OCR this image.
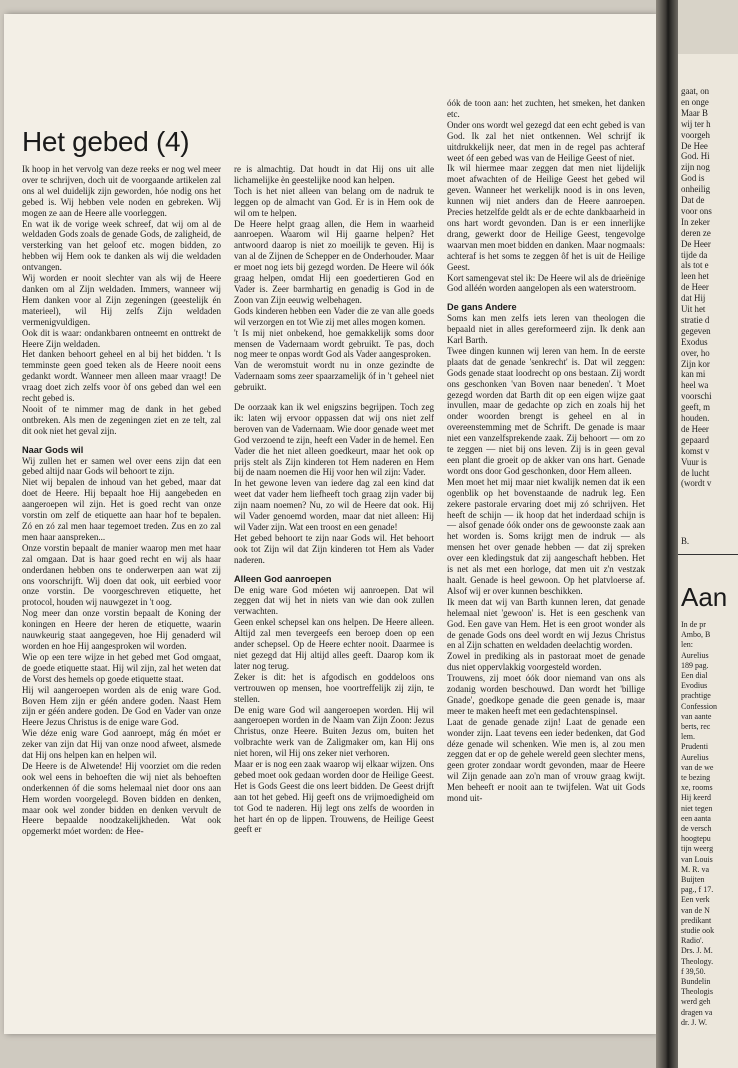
Het gebed (4)

Ik hoop in het vervolg van deze reeks er nog wel meer over te schrijven, doch uit de voorgaande artikelen zal ons al wel duidelijk zijn geworden, hóe nodig ons het gebed is. Wij hebben vele noden en gebreken. Wij mogen ze aan de Heere alle voorleggen.

En wat ik de vorige week schreef, dat wij om al de weldaden Gods zoals de genade Gods, de zaligheid, de versterking van het geloof etc. mogen bidden, zo hebben wij Hem ook te danken als wij die weldaden ontvangen.

Wij worden er nooit slechter van als wij de Heere danken om al Zijn weldaden. Immers, wanneer wij Hem danken voor al Zijn zegeningen (geestelijk én materieel), wil Hij zelfs Zijn weldaden vermenigvuldigen.

Ook dit is waar: ondankbaren ontneemt en onttrekt de Heere Zijn weldaden.

Het danken behoort geheel en al bij het bidden. 't Is temminste geen goed teken als de Heere nooit eens gedankt wordt. Wanneer men alleen maar vraagt! De vraag doet zich zelfs voor òf ons gebed dan wel een recht gebed is.

Nooit of te nimmer mag de dank in het gebed ontbreken. Als men de zegeningen ziet en ze telt, zal dit ook niet het geval zijn.

Naar Gods wil

Wij zullen het er samen wel over eens zijn dat een gebed altijd naar Gods wil behoort te zijn.

Niet wij bepalen de inhoud van het gebed, maar dat doet de Heere. Hij bepaalt hoe Hij aangebeden en aangeroepen wil zijn. Het is goed recht van onze vorstin om zelf de etiquette aan haar hof te bepalen. Zó en zó zal men haar tegemoet treden. Zus en zo zal men haar aanspreken...

Onze vorstin bepaalt de manier waarop men met haar zal omgaan. Dat is haar goed recht en wij als haar onderdanen hebben ons te onderwerpen aan wat zij ons voorschrijft. Wij doen dat ook, uit eerbied voor onze vorstin. De voorgeschreven etiquette, het protocol, houden wij nauwgezet in 't oog.

Nog meer dan onze vorstin bepaalt de Koning der koningen en Heere der heren de etiquette, waarin nauwkeurig staat aangegeven, hoe Hij genaderd wil worden en hoe Hij aangesproken wil worden.

Wie op een tere wijze in het gebed met God omgaat, de goede etiquette staat. Hij wil zijn, zal het weten dat de Vorst des hemels op goede etiquette staat.

Hij wil aangeroepen worden als de enig ware God. Boven Hem zijn er géén andere goden. Naast Hem zijn er géén andere goden. De God en Vader van onze Heere Jezus Christus is de enige ware God.

Wie déze enig ware God aanroept, mág én móet er zeker van zijn dat Hij van onze nood afweet, alsmede dat Hij ons helpen kan en helpen wil.

De Heere is de Alwetende! Hij voorziet om die reden ook wel eens in behoeften die wij niet als behoeften onderkennen óf die soms helemaal niet door ons aan Hem worden voorgelegd. Boven bidden en denken, maar ook wel zonder bidden en denken vervult de Heere bepaalde noodzakelijkheden. Wat ook opgemerkt móet worden: de Hee-

re is almachtig. Dat houdt in dat Hij ons uit alle lichamelijke èn geestelijke nood kan helpen.

Toch is het niet alleen van belang om de nadruk te leggen op de almacht van God. Er is in Hem ook de wil om te helpen.

De Heere helpt graag allen, die Hem in waarheid aanroepen. Waarom wil Hij gaarne helpen? Het antwoord daarop is niet zo moeilijk te geven. Hij is van al de Zijnen de Schepper en de Onderhouder. Maar er moet nog iets bij gezegd worden. De Heere wil óók graag helpen, omdat Hij een goedertieren God en Vader is. Zeer barmhartig en genadig is God in de Zoon van Zijn eeuwig welbehagen.

Gods kinderen hebben een Vader die ze van alle goeds wil verzorgen en tot Wie zij met alles mogen komen.

't Is mij niet onbekend, hoe gemakkelijk soms door mensen de Vadernaam wordt gebruikt. Te pas, doch nog meer te onpas wordt God als Vader aangesproken.

Van de weromstuit wordt nu in onze gezindte de Vadernaam soms zeer spaarzamelijk óf in 't geheel niet gebruikt.

De oorzaak kan ik wel enigszins begrijpen. Toch zeg ik: laten wij ervoor oppassen dat wij ons niet zelf beroven van de Vadernaam. Wie door genade weet met God verzoend te zijn, heeft een Vader in de hemel. Een Vader die het niet alleen goedkeurt, maar het ook op prijs stelt als Zijn kinderen tot Hem naderen en Hem bij de naam noemen die Hij voor hen wil zijn: Vader.

In het gewone leven van iedere dag zal een kind dat weet dat vader hem liefheeft toch graag zijn vader bij zijn naam noemen? Nu, zo wil de Heere dat ook. Hij wil Vader genoemd worden, maar dat niet alleen: Hij wil Vader zijn. Wat een troost en een genade!

Het gebed behoort te zijn naar Gods wil. Het behoort ook tot Zijn wil dat Zijn kinderen tot Hem als Vader naderen.

Alleen God aanroepen

De enig ware God móeten wij aanroepen. Dat wil zeggen dat wij het in niets van wie dan ook zullen verwachten.

Geen enkel schepsel kan ons helpen. De Heere alleen. Altijd zal men tevergeefs een beroep doen op een ander schepsel. Op de Heere echter nooit. Daarmee is niet gezegd dat Hij altijd alles geeft. Daarop kom ik later nog terug.

Zeker is dit: het is afgodisch en goddeloos ons vertrouwen op mensen, hoe voortreffelijk zij zijn, te stellen.

De enig ware God wil aangeroepen worden. Hij wil aangeroepen worden in de Naam van Zijn Zoon: Jezus Christus, onze Heere. Buiten Jezus om, buiten het volbrachte werk van de Zaligmaker om, kan Hij ons niet horen, wil Hij ons zeker niet verhoren.

Maar er is nog een zaak waarop wij elkaar wijzen. Ons gebed moet ook gedaan worden door de Heilige Geest. Het is Gods Geest die ons leert bidden. De Geest drijft aan tot het gebed. Hij geeft ons de vrijmoedigheid om tot God te naderen. Hij legt ons zelfs de woorden in het hart én op de lippen. Trouwens, de Heilige Geest geeft er

óók de toon aan: het zuchten, het smeken, het danken etc.

Onder ons wordt wel gezegd dat een echt gebed is van God. Ik zal het niet ontkennen. Wel schrijf ik uitdrukkelijk neer, dat men in de regel pas achteraf weet óf een gebed was van de Heilige Geest of niet.

Ik wil hiermee maar zeggen dat men niet lijdelijk moet afwachten of de Heilige Geest het gebed wil geven. Wanneer het werkelijk nood is in ons leven, kunnen wij niet anders dan de Heere aanroepen. Precies hetzelfde geldt als er de echte dankbaarheid in ons hart wordt gevonden. Dan is er een innerlijke drang, gewerkt door de Heilige Geest, tengevolge waarvan men moet bidden en danken. Maar nogmaals: achteraf is het soms te zeggen ôf het is uit de Heilige Geest.

Kort samengevat stel ik: De Heere wil als de drieënige God alléén worden aangelopen als een waterstroom.

De gans Andere

Soms kan men zelfs iets leren van theologen die bepaald niet in alles gereformeerd zijn. Ik denk aan Karl Barth.

Twee dingen kunnen wij leren van hem. In de eerste plaats dat de genade 'senkrecht' is. Dat wil zeggen: Gods genade staat loodrecht op ons bestaan. Zij wordt ons geschonken 'van Boven naar beneden'. 't Moet gezegd worden dat Barth dit op een eigen wijze gaat invullen, maar de gedachte op zich en zoals hij het onder woorden brengt is geheel en al in overeenstemming met de Schrift. De genade is maar niet een vanzelfsprekende zaak. Zij behoort — om zo te zeggen — niet bij ons leven. Zij is in geen geval een plant die groeit op de akker van ons hart. Genade wordt ons door God geschonken, door Hem alleen.

Men moet het mij maar niet kwalijk nemen dat ik een ogenblik op het bovenstaande de nadruk leg. Een zekere pastorale ervaring doet mij zó schrijven. Het heeft de schijn — ik hoop dat het inderdaad schijn is — alsof genade óók onder ons de gewoonste zaak aan het worden is. Soms krijgt men de indruk — als mensen het over genade hebben — dat zij spreken over een kledingstuk dat zij aangeschaft hebben. Het is net als met een horloge, dat men uit z'n vestzak haalt. Genade is heel gewoon. Op het platvloerse af. Alsof wij er over kunnen beschikken.

Ik meen dat wij van Barth kunnen leren, dat genade helemaal niet 'gewoon' is. Het is een geschenk van God. Een gave van Hem. Het is een groot wonder als de genade Gods ons deel wordt en wij Jezus Christus en al Zijn schatten en weldaden deelachtig worden.

Zowel in prediking als in pastoraat moet de genade dus niet oppervlakkig voorgesteld worden.

Trouwens, zij moet óók door niemand van ons als zodanig worden beschouwd. Dan wordt het 'billige Gnade', goedkope genade die geen genade is, maar meer te maken heeft met een gedachtenspinsel.

Laat de genade genade zijn! Laat de genade een wonder zijn. Laat tevens een ieder bedenken, dat God déze genade wil schenken. Wie men is, al zou men zeggen dat er op de gehele wereld geen slechter mens, geen groter zondaar wordt gevonden, maar de Heere wil Zijn genade aan zo'n man of vrouw graag kwijt. Men beheeft er nooit aan te twijfelen. Wat uit Gods mond uit-

Aan
gaat, on
en onge
Maar B
wij ter h
voorgeh
De Hee
God. Hi
zijn nog
God is
onheilig
Dat de
voor ons
In zeker
deren ze
De Heer
tijde da
als tot e
leen het
de Heer
dat Hij
Uit het
stratie d
gegeven
Exodus
over, ho
Zijn kor
kan mi
heel wa
voorschi
geeft, m
houden.
de Heer
gepaard
komst v
Vuur is
de lucht
(wordt v
B.
In de pr
Ambo, B
len:
Aurelius
189 pag.
Een dial
Evodius
prachtige
Confession
van aante
berts, rec
lem.
Prudenti
Aurelius
van de we
te bezing
xe, rooms
Hij keerd
niet tegen
een aanta
de versch
hoogtepu
tijn weerg
van Louis
M. R. va
Buijten
pag., f 17.
Een verk
van de N
predikant
studie ook
Radio'.
Drs. J. M.
Theology.
f 39,50.
Bundelin
Theologis
werd geh
dragen va
dr. J. W.
